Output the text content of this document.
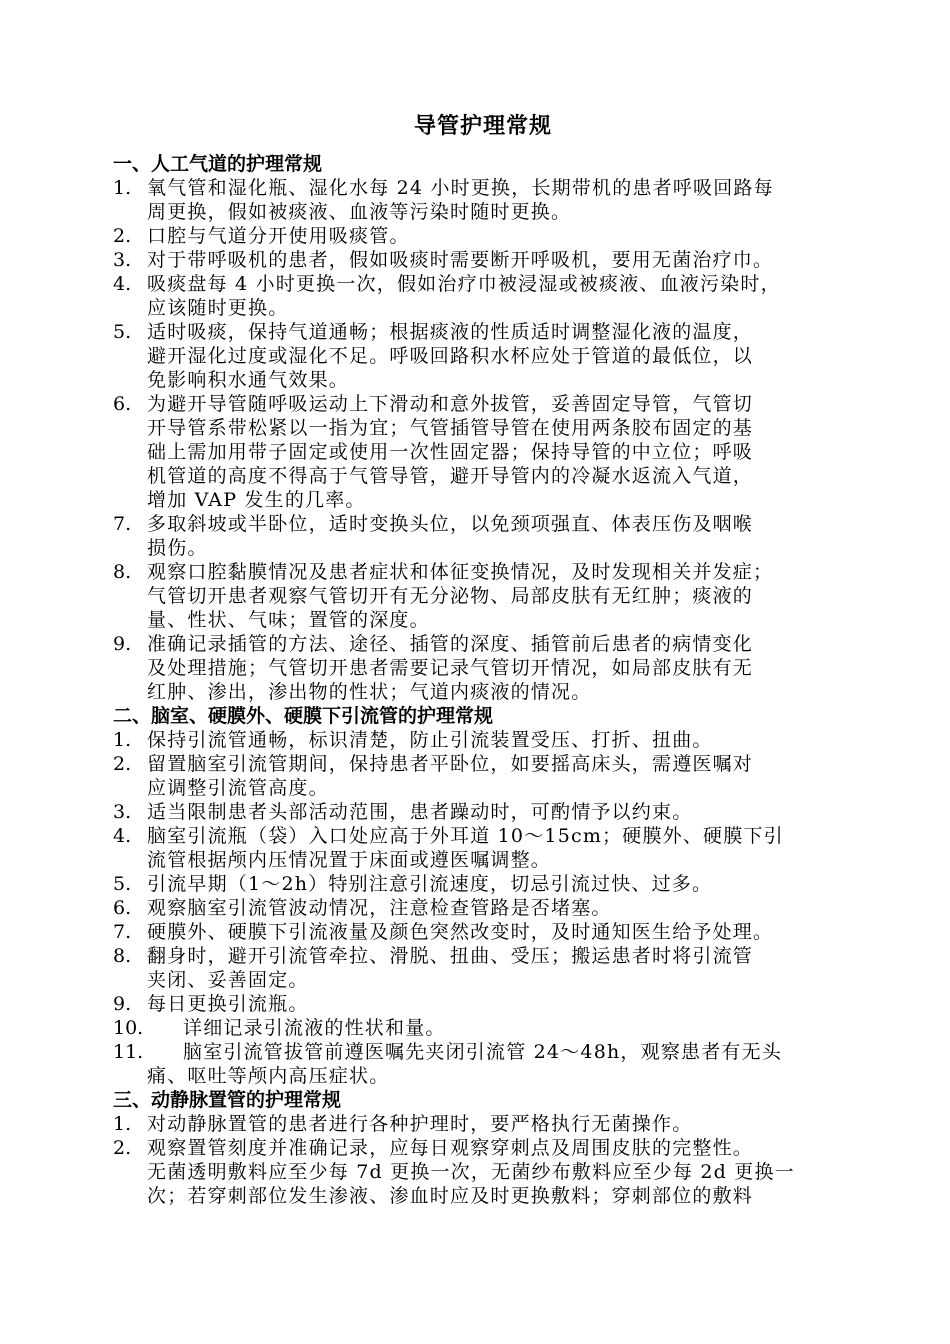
导管护理常规
一、人工气道的护理常规
1. 氧气管和湿化瓶、湿化水每 24 小时更换，长期带机的患者呼吸回路每
周更换，假如被痰液、血液等污染时随时更换。
2. 口腔与气道分开使用吸痰管。
3. 对于带呼吸机的患者，假如吸痰时需要断开呼吸机，要用无菌治疗巾。
4. 吸痰盘每 4 小时更换一次，假如治疗巾被浸湿或被痰液、血液污染时，
应该随时更换。
5. 适时吸痰，保持气道通畅；根据痰液的性质适时调整湿化液的温度，
避开湿化过度或湿化不足。呼吸回路积水杯应处于管道的最低位，以
免影响积水通气效果。
6. 为避开导管随呼吸运动上下滑动和意外拔管，妥善固定导管，气管切
开导管系带松紧以一指为宜；气管插管导管在使用两条胶布固定的基
础上需加用带子固定或使用一次性固定器；保持导管的中立位；呼吸
机管道的高度不得高于气管导管，避开导管内的冷凝水返流入气道，
增加 VAP 发生的几率。
7. 多取斜坡或半卧位，适时变换头位，以免颈项强直、体表压伤及咽喉
损伤。
8. 观察口腔黏膜情况及患者症状和体征变换情况，及时发现相关并发症；
气管切开患者观察气管切开有无分泌物、局部皮肤有无红肿；痰液的
量、性状、气味；置管的深度。
9. 准确记录插管的方法、途径、插管的深度、插管前后患者的病情变化
及处理措施；气管切开患者需要记录气管切开情况，如局部皮肤有无
红肿、渗出，渗出物的性状；气道内痰液的情况。
二、脑室、硬膜外、硬膜下引流管的护理常规
1. 保持引流管通畅，标识清楚，防止引流装置受压、打折、扭曲。
2. 留置脑室引流管期间，保持患者平卧位，如要摇高床头，需遵医嘱对
应调整引流管高度。
3. 适当限制患者头部活动范围，患者躁动时，可酌情予以约束。
4. 脑室引流瓶（袋）入口处应高于外耳道 10～15cm；硬膜外、硬膜下引
流管根据颅内压情况置于床面或遵医嘱调整。
5. 引流早期（1～2h）特别注意引流速度，切忌引流过快、过多。
6. 观察脑室引流管波动情况，注意检查管路是否堵塞。
7. 硬膜外、硬膜下引流液量及颜色突然改变时，及时通知医生给予处理。
8. 翻身时，避开引流管牵拉、滑脱、扭曲、受压；搬运患者时将引流管
夹闭、妥善固定。
9. 每日更换引流瓶。
10.	详细记录引流液的性状和量。
11. 脑室引流管拔管前遵医嘱先夹闭引流管 24～48h，观察患者有无头
痛、呕吐等颅内高压症状。
三、动静脉置管的护理常规
1. 对动静脉置管的患者进行各种护理时，要严格执行无菌操作。
2. 观察置管刻度并准确记录，应每日观察穿刺点及周围皮肤的完整性。
无菌透明敷料应至少每 7d 更换一次，无菌纱布敷料应至少每 2d 更换一
次；若穿刺部位发生渗液、渗血时应及时更换敷料；穿刺部位的敷料
